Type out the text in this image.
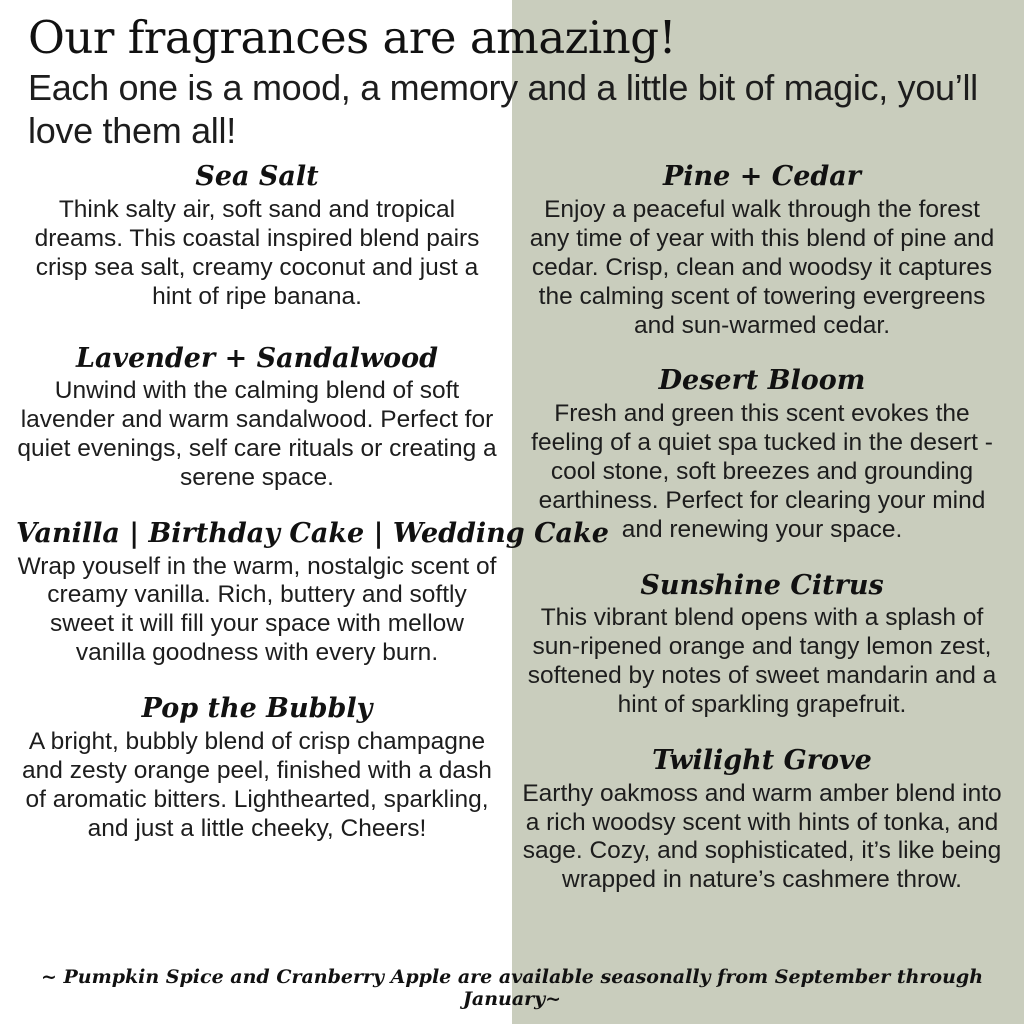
Our fragrances are amazing!
Each one is a mood, a memory and a little bit of magic, you’ll love them all!
Sea Salt
Think salty air, soft sand and tropical dreams. This coastal inspired blend pairs crisp sea salt, creamy coconut and just a hint of ripe banana.
Lavender + Sandalwood
Unwind with the calming blend of soft lavender and warm sandalwood. Perfect for quiet evenings, self care rituals or creating a serene space.
Vanilla | Birthday Cake | Wedding Cake
Wrap youself in the warm, nostalgic scent of creamy vanilla. Rich, buttery and softly sweet it will fill your space with mellow vanilla goodness with every burn.
Pop the Bubbly
A bright, bubbly blend of crisp champagne and zesty orange peel, finished with a dash of aromatic bitters. Lighthearted, sparkling, and just a little cheeky, Cheers!
Pine + Cedar
Enjoy a peaceful walk through the forest any time of year with this blend of pine and cedar. Crisp, clean and woodsy it captures the calming scent of towering evergreens and sun-warmed cedar.
Desert Bloom
Fresh and green this scent evokes the feeling of a quiet spa tucked in the desert - cool stone, soft breezes and grounding earthiness. Perfect for clearing your mind and renewing your space.
Sunshine Citrus
This vibrant blend opens with a splash of sun-ripened orange and tangy lemon zest, softened by notes of sweet mandarin and a hint of sparkling grapefruit.
Twilight Grove
Earthy oakmoss and warm amber blend into a rich woodsy scent with hints of tonka, and sage. Cozy, and sophisticated, it’s like being wrapped in nature’s cashmere throw.
~ Pumpkin Spice and Cranberry Apple are available seasonally from September through January~
